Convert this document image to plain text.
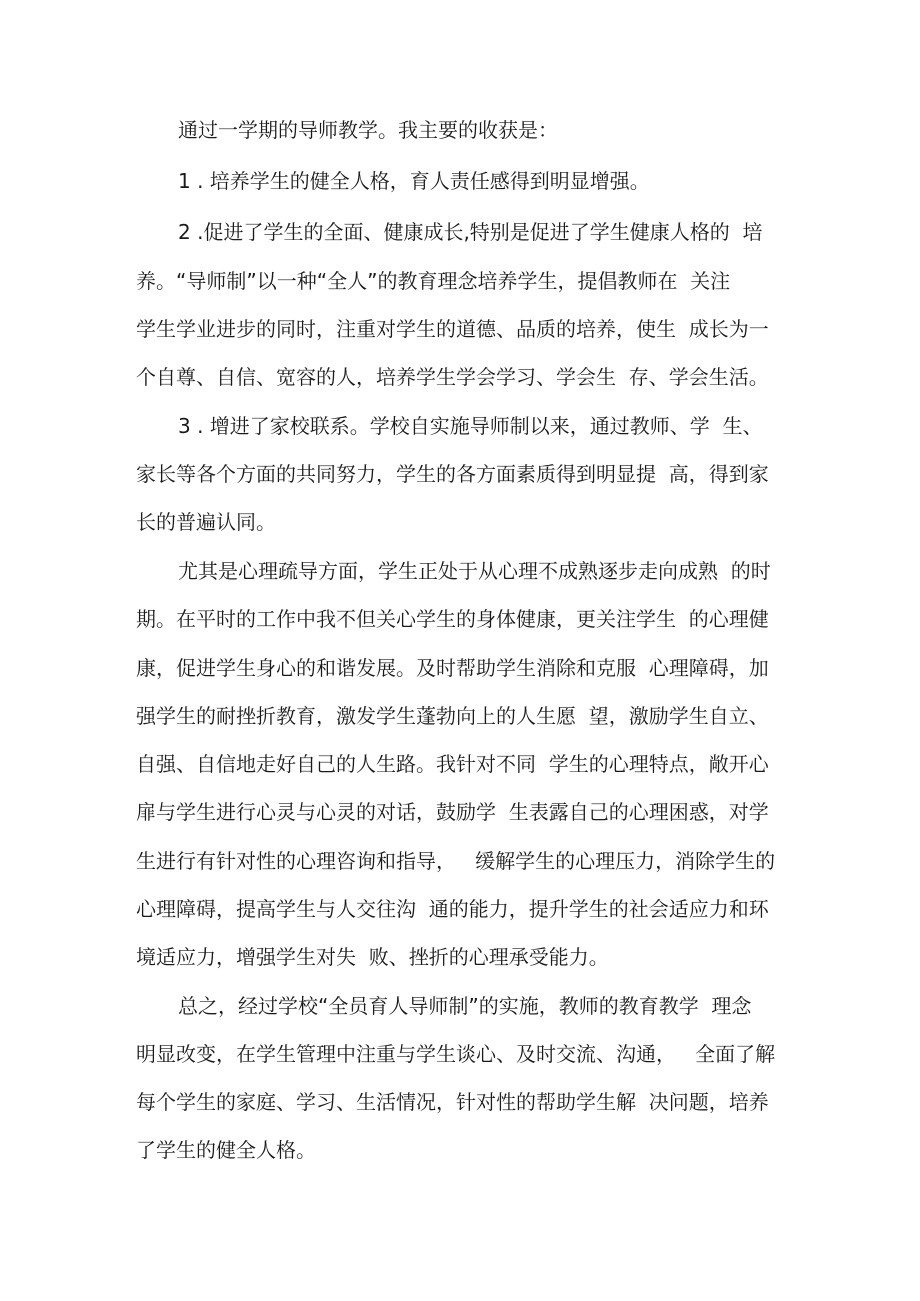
通过一学期的导师教学。我主要的收获是：

1 . 培养学生的健全人格，育人责任感得到明显增强。

2 .促进了学生的全面、健康成长,特别是促进了学生健康人格的  培

养。“导师制”以一种“全人”的教育理念培养学生，提倡教师在  关注

学生学业进步的同时，注重对学生的道德、品质的培养，使生  成长为一

个自尊、自信、宽容的人，培养学生学会学习、学会生  存、学会生活。

3 . 增进了家校联系。学校自实施导师制以来，通过教师、学  生、

家长等各个方面的共同努力，学生的各方面素质得到明显提  高，得到家

长的普遍认同。

尤其是心理疏导方面，学生正处于从心理不成熟逐步走向成熟  的时

期。在平时的工作中我不但关心学生的身体健康，更关注学生  的心理健

康，促进学生身心的和谐发展。及时帮助学生消除和克服  心理障碍，加

强学生的耐挫折教育，激发学生蓬勃向上的人生愿  望，激励学生自立、

自强、自信地走好自己的人生路。我针对不同  学生的心理特点，敞开心

扉与学生进行心灵与心灵的对话，鼓励学  生表露自己的心理困惑，对学

生进行有针对性的心理咨询和指导，   缓解学生的心理压力，消除学生的

心理障碍，提高学生与人交往沟  通的能力，提升学生的社会适应力和环

境适应力，增强学生对失  败、挫折的心理承受能力。

总之，经过学校“全员育人导师制”的实施，教师的教育教学  理念

明显改变，在学生管理中注重与学生谈心、及时交流、沟通，   全面了解

每个学生的家庭、学习、生活情况，针对性的帮助学生解  决问题，培养

了学生的健全人格。
